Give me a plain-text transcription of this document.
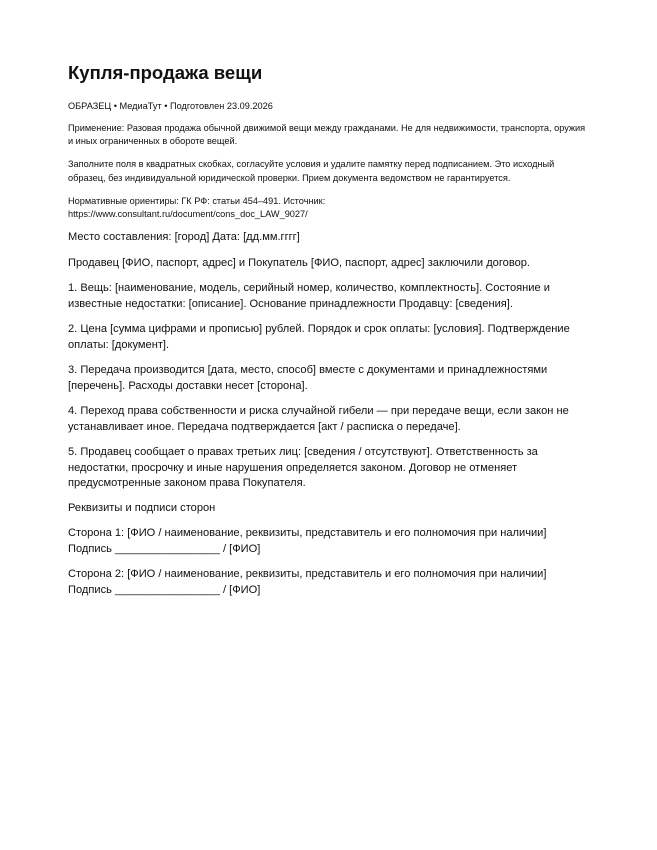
Купля-продажа вещи
ОБРАЗЕЦ • МедиаТут • Подготовлен 23.09.2026
Применение: Разовая продажа обычной движимой вещи между гражданами. Не для недвижимости, транспорта, оружия и иных ограниченных в обороте вещей.
Заполните поля в квадратных скобках, согласуйте условия и удалите памятку перед подписанием. Это исходный образец, без индивидуальной юридической проверки. Прием документа ведомством не гарантируется.
Нормативные ориентиры: ГК РФ: статьи 454–491. Источник:
https://www.consultant.ru/document/cons_doc_LAW_9027/
Место составления: [город] Дата: [дд.мм.гггг]
Продавец [ФИО, паспорт, адрес] и Покупатель [ФИО, паспорт, адрес] заключили договор.
1. Вещь: [наименование, модель, серийный номер, количество, комплектность]. Состояние и известные недостатки: [описание]. Основание принадлежности Продавцу: [сведения].
2. Цена [сумма цифрами и прописью] рублей. Порядок и срок оплаты: [условия]. Подтверждение оплаты: [документ].
3. Передача производится [дата, место, способ] вместе с документами и принадлежностями [перечень]. Расходы доставки несет [сторона].
4. Переход права собственности и риска случайной гибели — при передаче вещи, если закон не устанавливает иное. Передача подтверждается [акт / расписка о передаче].
5. Продавец сообщает о правах третьих лиц: [сведения / отсутствуют]. Ответственность за недостатки, просрочку и иные нарушения определяется законом. Договор не отменяет предусмотренные законом права Покупателя.
Реквизиты и подписи сторон
Сторона 1: [ФИО / наименование, реквизиты, представитель и его полномочия при наличии]
Подпись _________________ / [ФИО]
Сторона 2: [ФИО / наименование, реквизиты, представитель и его полномочия при наличии]
Подпись _________________ / [ФИО]
